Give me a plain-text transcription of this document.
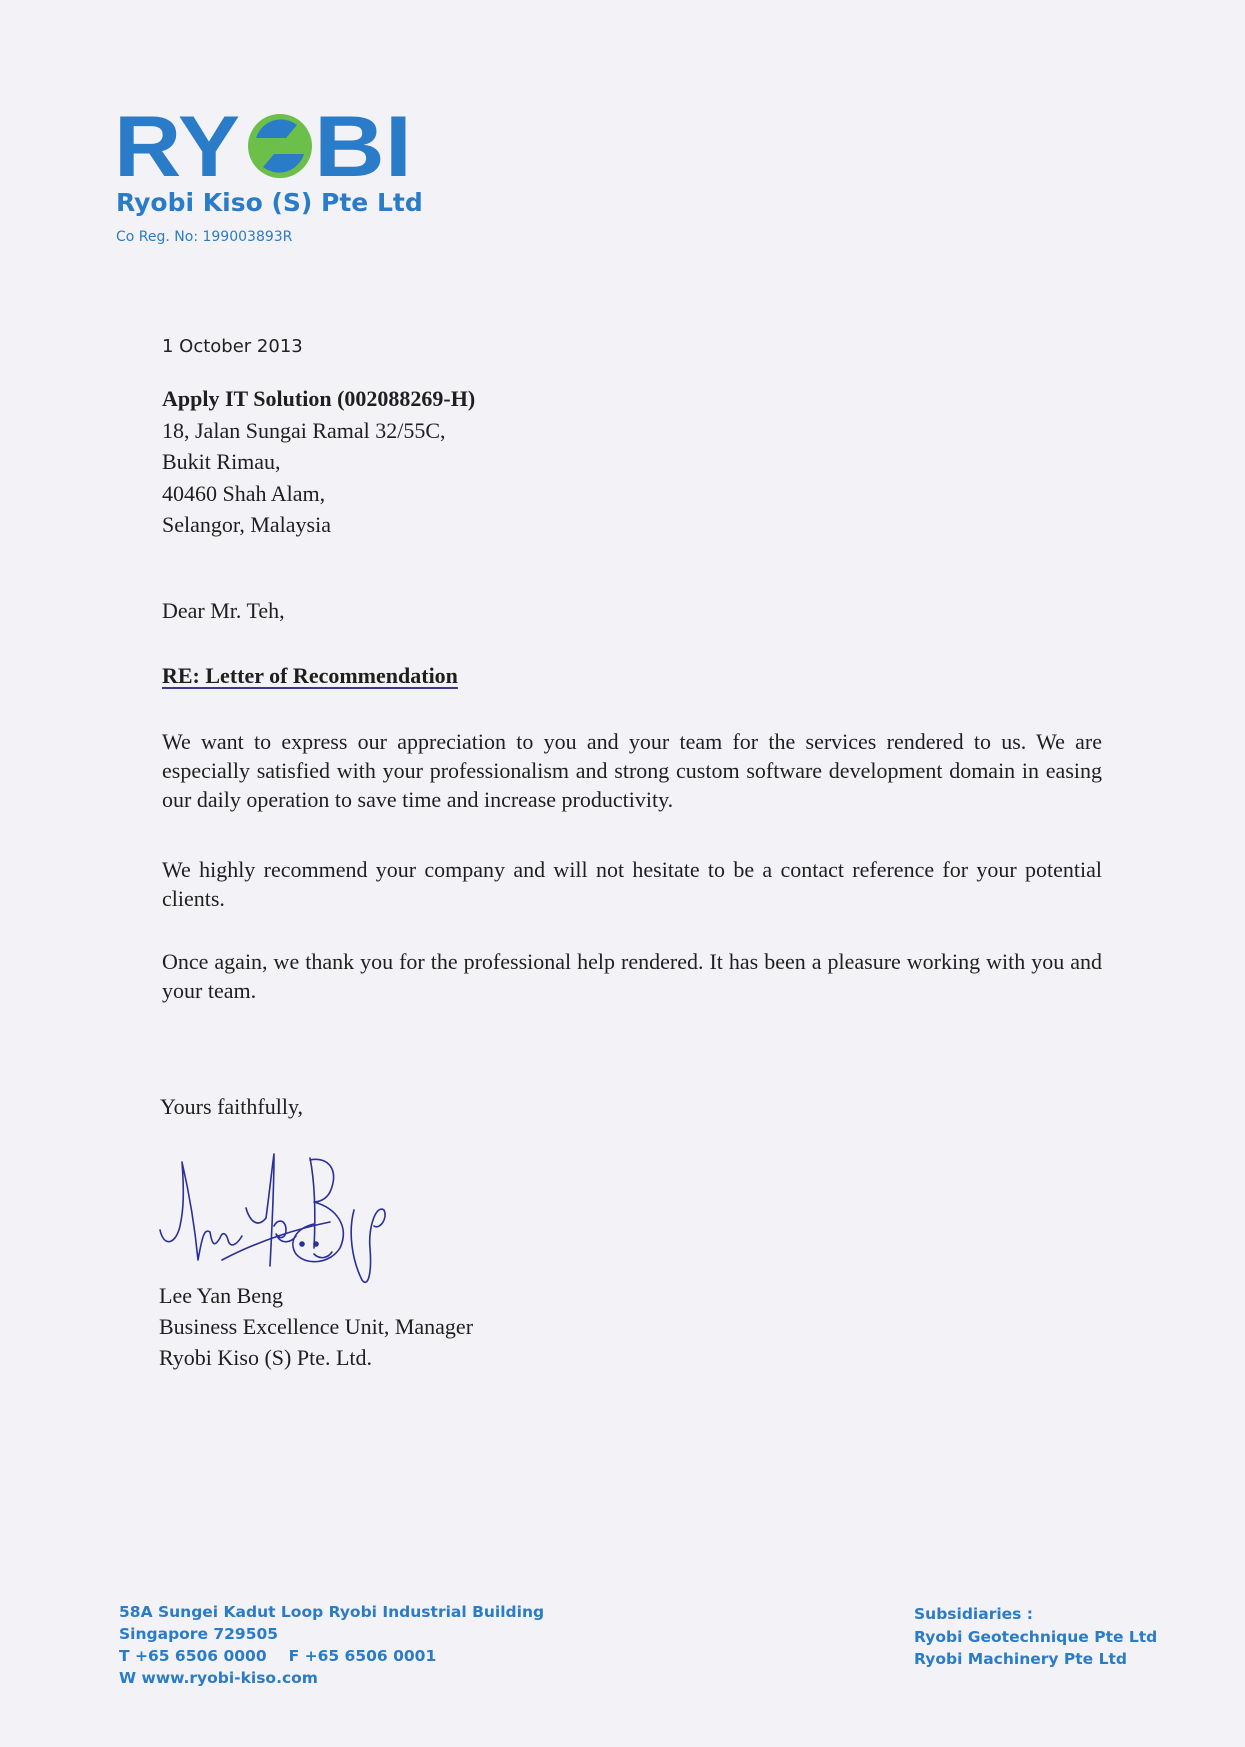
RY BI
Ryobi Kiso (S) Pte Ltd
Co Reg. No: 199003893R
1 October 2013
Apply IT Solution (002088269-H)
18, Jalan Sungai Ramal 32/55C,
Bukit Rimau,
40460 Shah Alam,
Selangor, Malaysia
Dear Mr. Teh,
RE: Letter of Recommendation
We want to express our appreciation to you and your team for the services rendered to us. We are especially satisfied with your professionalism and strong custom software development domain in easing our daily operation to save time and increase productivity.
We highly recommend your company and will not hesitate to be a contact reference for your potential clients.
Once again, we thank you for the professional help rendered. It has been a pleasure working with you and your team.
Yours faithfully,
Lee Yan Beng
Business Excellence Unit, Manager
Ryobi Kiso (S) Pte. Ltd.
58A Sungei Kadut Loop Ryobi Industrial Building
Singapore 729505
T +65 6506 0000 F +65 6506 0001
W www.ryobi-kiso.com
Subsidiaries :
Ryobi Geotechnique Pte Ltd
Ryobi Machinery Pte Ltd
